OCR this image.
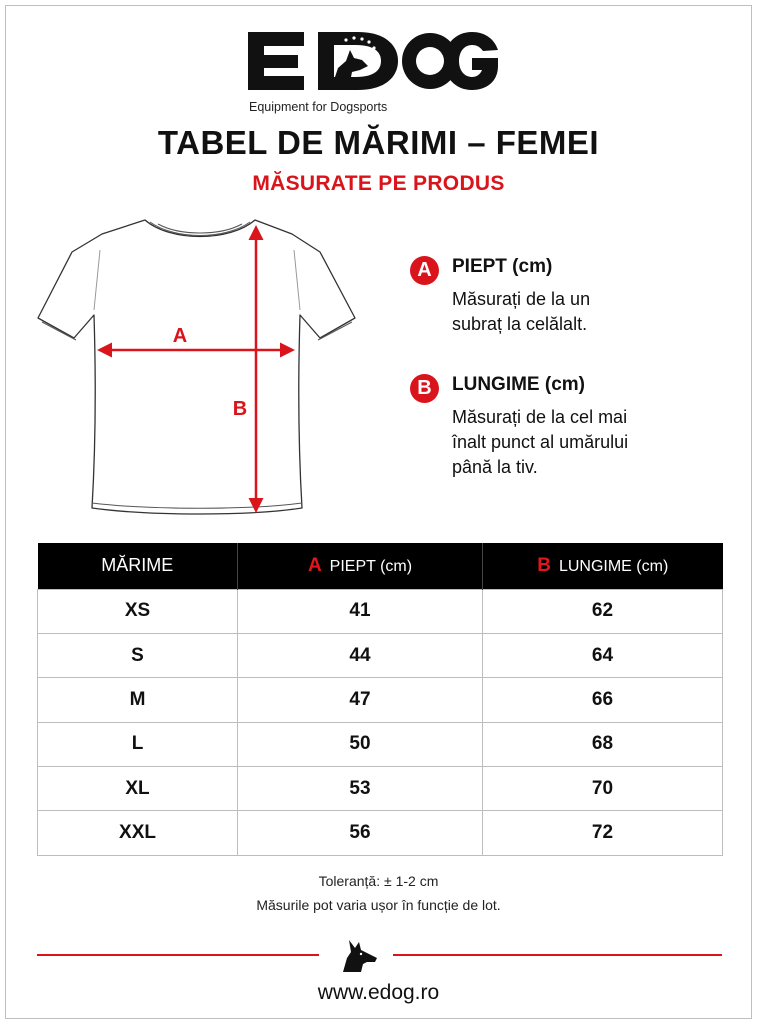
Equipment for Dogsports
TABEL DE MĂRIMI – FEMEI
MĂSURATE PE PRODUS
A
B
A	PIEPT (cm)
Măsurați de la un
subraț la celălalt.
B	LUNGIME (cm)
Măsurați de la cel mai
înalt punct al umărului
până la tiv.
MĂRIME	A PIEPT (cm)	B LUNGIME (cm)
XS	41	62
S	44	64
M	47	66
L	50	68
XL	53	70
XXL	56	72
Toleranță: ± 1-2 cm
Măsurile pot varia ușor în funcție de lot.
www.edog.ro
